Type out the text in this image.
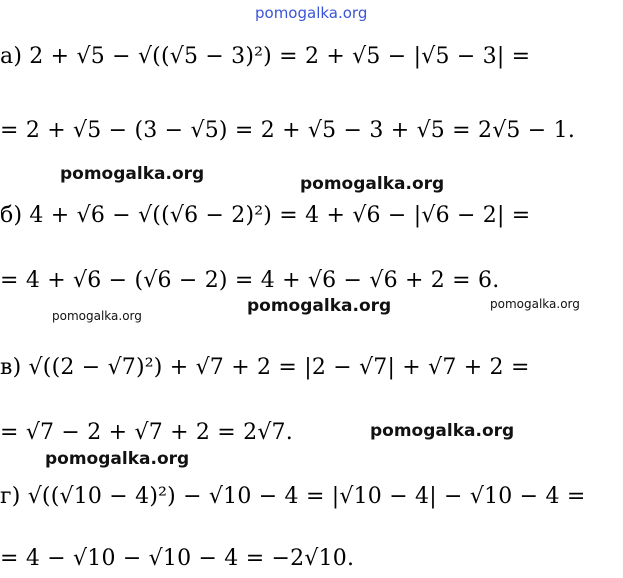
pomogalka.org
а) 2 + √5 − √((√5 − 3)²) = 2 + √5 − |√5 − 3| =
= 2 + √5 − (3 − √5) = 2 + √5 − 3 + √5 = 2√5 − 1.
pomogalka.org	pomogalka.org
б) 4 + √6 − √((√6 − 2)²) = 4 + √6 − |√6 − 2| =
= 4 + √6 − (√6 − 2) = 4 + √6 − √6 + 2 = 6.
pomogalka.org	pomogalka.org
pomogalka.org
в) √((2 − √7)²) + √7 + 2 = |2 − √7| + √7 + 2 =
= √7 − 2 + √7 + 2 = 2√7.	pomogalka.org
pomogalka.org
г) √((√10 − 4)²) − √10 − 4 = |√10 − 4| − √10 − 4 =
= 4 − √10 − √10 − 4 = −2√10.
